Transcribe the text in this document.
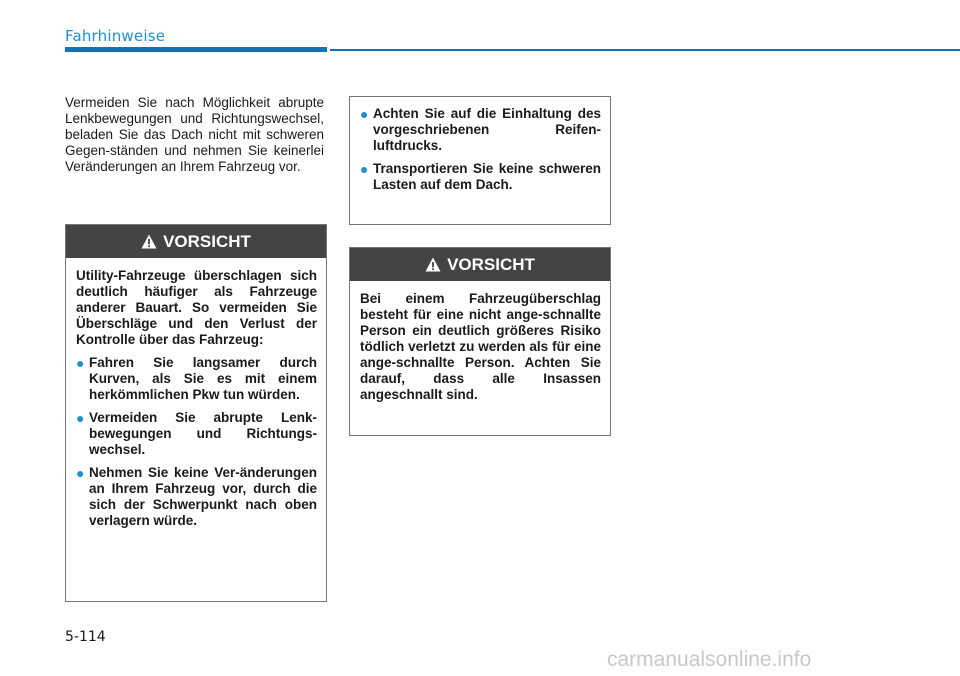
Fahrhinweise
Vermeiden Sie nach Möglichkeit abrupte Lenkbewegungen und Richtungswechsel, beladen Sie das Dach nicht mit schweren Gegen-ständen und nehmen Sie keinerlei Veränderungen an Ihrem Fahrzeug vor.
VORSICHT
Utility-Fahrzeuge überschlagen sich deutlich häufiger als Fahrzeuge anderer Bauart. So vermeiden Sie Überschläge und den Verlust der Kontrolle über das Fahrzeug:
● Fahren Sie langsamer durch Kurven, als Sie es mit einem herkömmlichen Pkw tun würden.
● Vermeiden Sie abrupte Lenk-bewegungen und Richtungs-wechsel.
● Nehmen Sie keine Ver-änderungen an Ihrem Fahrzeug vor, durch die sich der Schwerpunkt nach oben verlagern würde.
● Achten Sie auf die Einhaltung des vorgeschriebenen Reifen-luftdrucks.
● Transportieren Sie keine schweren Lasten auf dem Dach.
VORSICHT
Bei einem Fahrzeugüberschlag besteht für eine nicht ange-schnallte Person ein deutlich größeres Risiko tödlich verletzt zu werden als für eine ange-schnallte Person. Achten Sie darauf, dass alle Insassen angeschnallt sind.
5-114
carmanualsonline.info
